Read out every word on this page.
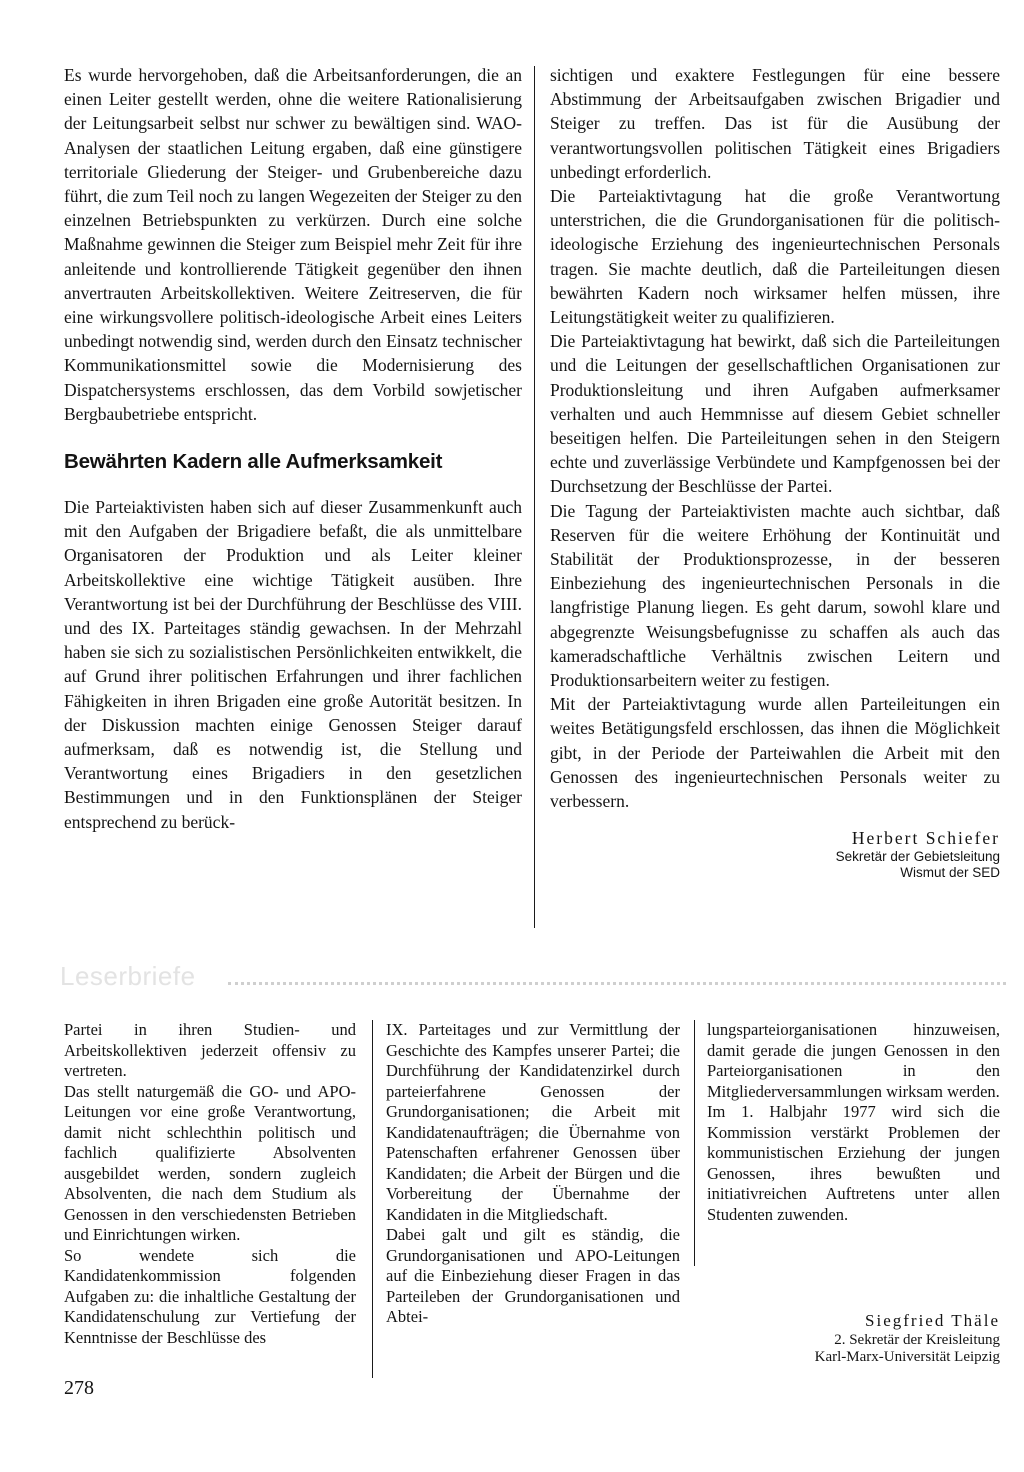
Es wurde hervorgehoben, daß die Arbeitsanforderungen, die an einen Leiter gestellt werden, ohne die weitere Rationalisierung der Leitungsarbeit selbst nur schwer zu bewältigen sind. WAO-Analysen der staatlichen Leitung ergaben, daß eine günstigere territoriale Gliederung der Steiger- und Grubenbereiche dazu führt, die zum Teil noch zu langen Wegezeiten der Steiger zu den einzelnen Betriebspunkten zu verkürzen. Durch eine solche Maßnahme gewinnen die Steiger zum Beispiel mehr Zeit für ihre anleitende und kontrollierende Tätigkeit gegenüber den ihnen anvertrauten Arbeitskollektiven. Weitere Zeitreserven, die für eine wirkungsvollere politisch-ideologische Arbeit eines Leiters unbedingt notwendig sind, werden durch den Einsatz technischer Kommunikationsmittel sowie die Modernisierung des Dispatchersystems erschlossen, das dem Vorbild sowjetischer Bergbaubetriebe entspricht.

Bewährten Kadern alle Aufmerksamkeit

Die Parteiaktivisten haben sich auf dieser Zusammenkunft auch mit den Aufgaben der Brigadiere befaßt, die als unmittelbare Organisatoren der Produktion und als Leiter kleiner Arbeitskollektive eine wichtige Tätigkeit ausüben. Ihre Verantwortung ist bei der Durchführung der Beschlüsse des VIII. und des IX. Parteitages ständig gewachsen. In der Mehrzahl haben sie sich zu sozialistischen Persönlichkeiten entwikkelt, die auf Grund ihrer politischen Erfahrungen und ihrer fachlichen Fähigkeiten in ihren Brigaden eine große Autorität besitzen. In der Diskussion machten einige Genossen Steiger darauf aufmerksam, daß es notwendig ist, die Stellung und Verantwortung eines Brigadiers in den gesetzlichen Bestimmungen und in den Funktionsplänen der Steiger entsprechend zu berück-

sichtigen und exaktere Festlegungen für eine bessere Abstimmung der Arbeitsaufgaben zwischen Brigadier und Steiger zu treffen. Das ist für die Ausübung der verantwortungsvollen politischen Tätigkeit eines Brigadiers unbedingt erforderlich.

Die Parteiaktivtagung hat die große Verantwortung unterstrichen, die die Grundorganisationen für die politisch-ideologische Erziehung des ingenieurtechnischen Personals tragen. Sie machte deutlich, daß die Parteileitungen diesen bewährten Kadern noch wirksamer helfen müssen, ihre Leitungstätigkeit weiter zu qualifizieren.

Die Parteiaktivtagung hat bewirkt, daß sich die Parteileitungen und die Leitungen der gesellschaftlichen Organisationen zur Produktionsleitung und ihren Aufgaben aufmerksamer verhalten und auch Hemmnisse auf diesem Gebiet schneller beseitigen helfen. Die Parteileitungen sehen in den Steigern echte und zuverlässige Verbündete und Kampfgenossen bei der Durchsetzung der Beschlüsse der Partei.

Die Tagung der Parteiaktivisten machte auch sichtbar, daß Reserven für die weitere Erhöhung der Kontinuität und Stabilität der Produktionsprozesse, in der besseren Einbeziehung des ingenieurtechnischen Personals in die langfristige Planung liegen. Es geht darum, sowohl klare und abgegrenzte Weisungsbefugnisse zu schaffen als auch das kameradschaftliche Verhältnis zwischen Leitern und Produktionsarbeitern weiter zu festigen.

Mit der Parteiaktivtagung wurde allen Parteileitungen ein weites Betätigungsfeld erschlossen, das ihnen die Möglichkeit gibt, in der Periode der Parteiwahlen die Arbeit mit den Genossen des ingenieurtechnischen Personals weiter zu verbessern.

Herbert Schiefer
Sekretär der Gebietsleitung
Wismut der SED
Leserbriefe

Partei in ihren Studien- und Arbeitskollektiven jederzeit offensiv zu vertreten.

Das stellt naturgemäß die GO- und APO-Leitungen vor eine große Verantwortung, damit nicht schlechthin politisch und fachlich qualifizierte Absolventen ausgebildet werden, sondern zugleich Absolventen, die nach dem Studium als Genossen in den verschiedensten Betrieben und Einrichtungen wirken.

So wendete sich die Kandidatenkommission folgenden Aufgaben zu: die inhaltliche Gestaltung der Kandidatenschulung zur Vertiefung der Kenntnisse der Beschlüsse des

IX. Parteitages und zur Vermittlung der Geschichte des Kampfes unserer Partei; die Durchführung der Kandidatenzirkel durch parteierfahrene Genossen der Grundorganisationen; die Arbeit mit Kandidatenaufträgen; die Übernahme von Patenschaften erfahrener Genossen über Kandidaten; die Arbeit der Bürgen und die Vorbereitung der Übernahme der Kandidaten in die Mitgliedschaft.

Dabei galt und gilt es ständig, die Grundorganisationen und APO-Leitungen auf die Einbeziehung dieser Fragen in das Parteileben der Grundorganisationen und Abtei-

lungsparteiorganisationen hinzuweisen, damit gerade die jungen Genossen in den Parteiorganisationen in den Mitgliederversammlungen wirksam werden.

Im 1. Halbjahr 1977 wird sich die Kommission verstärkt Problemen der kommunistischen Erziehung der jungen Genossen, ihres bewußten und initiativreichen Auftretens unter allen Studenten zuwenden.

Siegfried Thäle
2. Sekretär der Kreisleitung
Karl-Marx-Universität Leipzig
278
